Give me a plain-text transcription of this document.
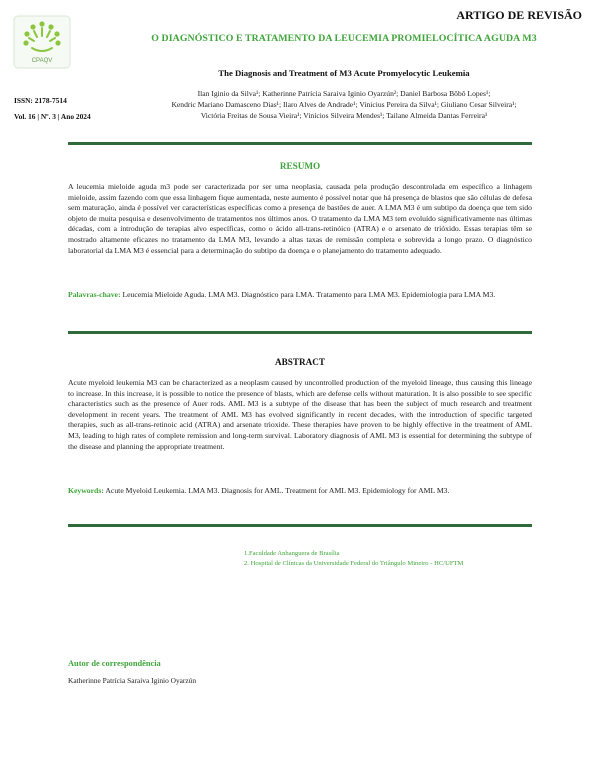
CPAQV
ARTIGO DE REVISÃO
O DIAGNÓSTICO E TRATAMENTO DA LEUCEMIA PROMIELOCÍTICA AGUDA M3
The Diagnosis and Treatment of M3 Acute Promyelocytic Leukemia
ISSN: 2178-7514
Vol. 16 | Nº. 3 | Ano 2024
Ilan Iginio da Silva¹; Katherinne Patrícia Saraiva Iginio Oyarzún²; Daniel Barbosa Bôbô Lopes¹;
Kendric Mariano Damasceno Dias¹; Ilaro Alves de Andrade¹; Vinicius Pereira da Silva¹; Giuliano Cesar Silveira¹;
Victória Freitas de Sousa Vieira¹; Vinícios Silveira Mendes¹; Tailane Almeida Dantas Ferreira¹
RESUMO
A leucemia mieloide aguda m3 pode ser caracterizada por ser uma neoplasia, causada pela produção descontrolada em específico a linhagem mieloide, assim fazendo com que essa linhagem fique aumentada, neste aumento é possível notar que há presença de blastos que são células de defesa sem maturação, ainda é possível ver características específicas como a presença de bastões de auer. A LMA M3 é um subtipo da doença que tem sido objeto de muita pesquisa e desenvolvimento de tratamentos nos últimos anos. O tratamento da LMA M3 tem evoluído significativamente nas últimas décadas, com a introdução de terapias alvo específicas, como o ácido all-trans-retinóico (ATRA) e o arsenato de trióxido. Essas terapias têm se mostrado altamente eficazes no tratamento da LMA M3, levando a altas taxas de remissão completa e sobrevida a longo prazo. O diagnóstico laboratorial da LMA M3 é essencial para a determinação do subtipo da doença e o planejamento do tratamento adequado.
Palavras-chave: Leucemia Mieloide Aguda. LMA M3. Diagnóstico para LMA. Tratamento para LMA M3. Epidemiologia para LMA M3.
ABSTRACT
Acute myeloid leukemia M3 can be characterized as a neoplasm caused by uncontrolled production of the myeloid lineage, thus causing this lineage to increase. In this increase, it is possible to notice the presence of blasts, which are defense cells without maturation. It is also possible to see specific characteristics such as the presence of Auer rods. AML M3 is a subtype of the disease that has been the subject of much research and treatment development in recent years. The treatment of AML M3 has evolved significantly in recent decades, with the introduction of specific targeted therapies, such as all-trans-retinoic acid (ATRA) and arsenate trioxide. These therapies have proven to be highly effective in the treatment of AML M3, leading to high rates of complete remission and long-term survival. Laboratory diagnosis of AML M3 is essential for determining the subtype of the disease and planning the appropriate treatment.
Keywords: Acute Myeloid Leukemia. LMA M3. Diagnosis for AML. Treatment for AML M3. Epidemiology for AML M3.
1.Faculdade Anhanguera de Brasília
2. Hospital de Clínicas da Universidade Federal do Triângulo Mineiro - HC/UFTM
Autor de correspondência
Katherinne Patrícia Saraiva Iginio Oyarzún
